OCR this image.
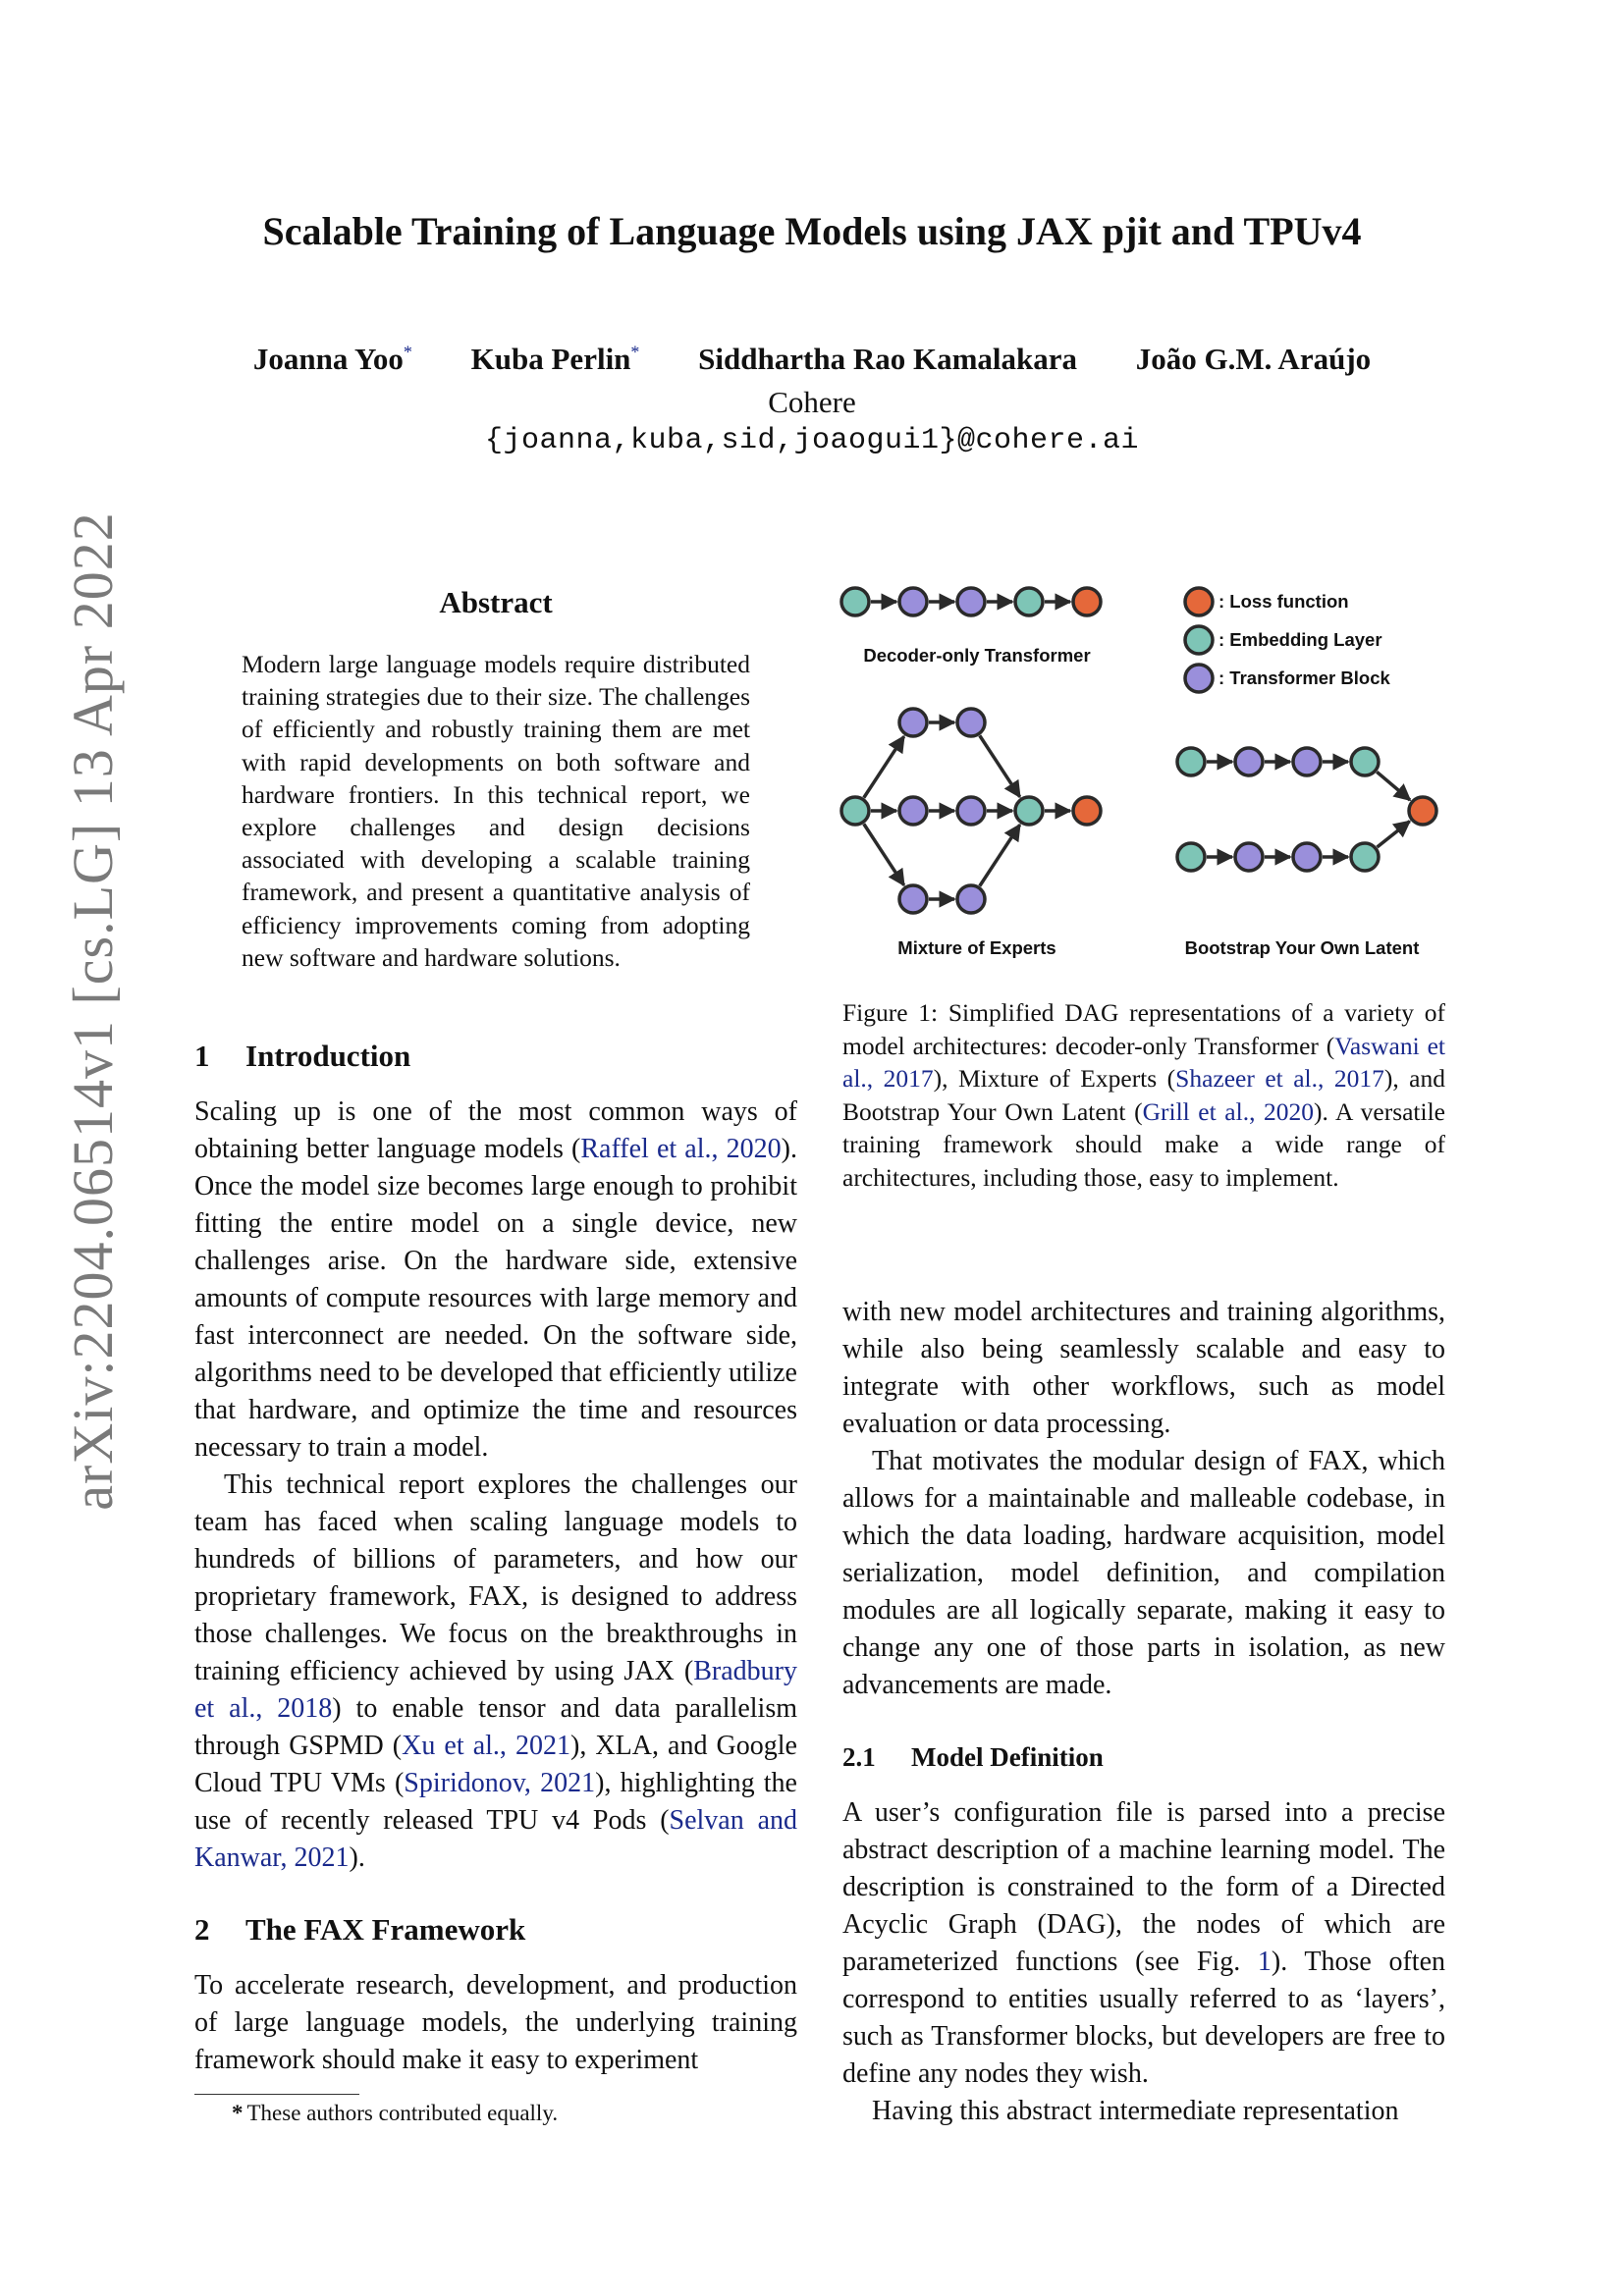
arXiv:2204.06514v1 [cs.LG] 13 Apr 2022
Scalable Training of Language Models using JAX pjit and TPUv4
Joanna Yoo* Kuba Perlin* Siddhartha Rao Kamalakara João G.M. Araújo
Cohere
{joanna,kuba,sid,joaogui1}@cohere.ai
Abstract
Modern large language models require distributed training strategies due to their size. The challenges of efficiently and robustly training them are met with rapid developments on both software and hardware frontiers. In this technical report, we explore challenges and design decisions associated with developing a scalable training framework, and present a quantitative analysis of efficiency improvements coming from adopting new software and hardware solutions.
1 Introduction

Scaling up is one of the most common ways of obtaining better language models (Raffel et al., 2020). Once the model size becomes large enough to prohibit fitting the entire model on a single device, new challenges arise. On the hardware side, extensive amounts of compute resources with large memory and fast interconnect are needed. On the software side, algorithms need to be developed that efficiently utilize that hardware, and optimize the time and resources necessary to train a model.

This technical report explores the challenges our team has faced when scaling language models to hundreds of billions of parameters, and how our proprietary framework, FAX, is designed to address those challenges. We focus on the breakthroughs in training efficiency achieved by using JAX (Bradbury et al., 2018) to enable tensor and data parallelism through GSPMD (Xu et al., 2021), XLA, and Google Cloud TPU VMs (Spiridonov, 2021), highlighting the use of recently released TPU v4 Pods (Selvan and Kanwar, 2021).

2 The FAX Framework

To accelerate research, development, and production of large language models, the underlying training framework should make it easy to experiment

* These authors contributed equally.
: Loss function
: Embedding Layer
: Transformer Block
Decoder-only Transformer
Mixture of Experts	Bootstrap Your Own Latent
Figure 1: Simplified DAG representations of a variety of model architectures: decoder-only Transformer (Vaswani et al., 2017), Mixture of Experts (Shazeer et al., 2017), and Bootstrap Your Own Latent (Grill et al., 2020). A versatile training framework should make a wide range of architectures, including those, easy to implement.

with new model architectures and training algorithms, while also being seamlessly scalable and easy to integrate with other workflows, such as model evaluation or data processing.

That motivates the modular design of FAX, which allows for a maintainable and malleable codebase, in which the data loading, hardware acquisition, model serialization, model definition, and compilation modules are all logically separate, making it easy to change any one of those parts in isolation, as new advancements are made.

2.1 Model Definition

A user’s configuration file is parsed into a precise abstract description of a machine learning model. The description is constrained to the form of a Directed Acyclic Graph (DAG), the nodes of which are parameterized functions (see Fig. 1). Those often correspond to entities usually referred to as ‘layers’, such as Transformer blocks, but developers are free to define any nodes they wish.

Having this abstract intermediate representation
